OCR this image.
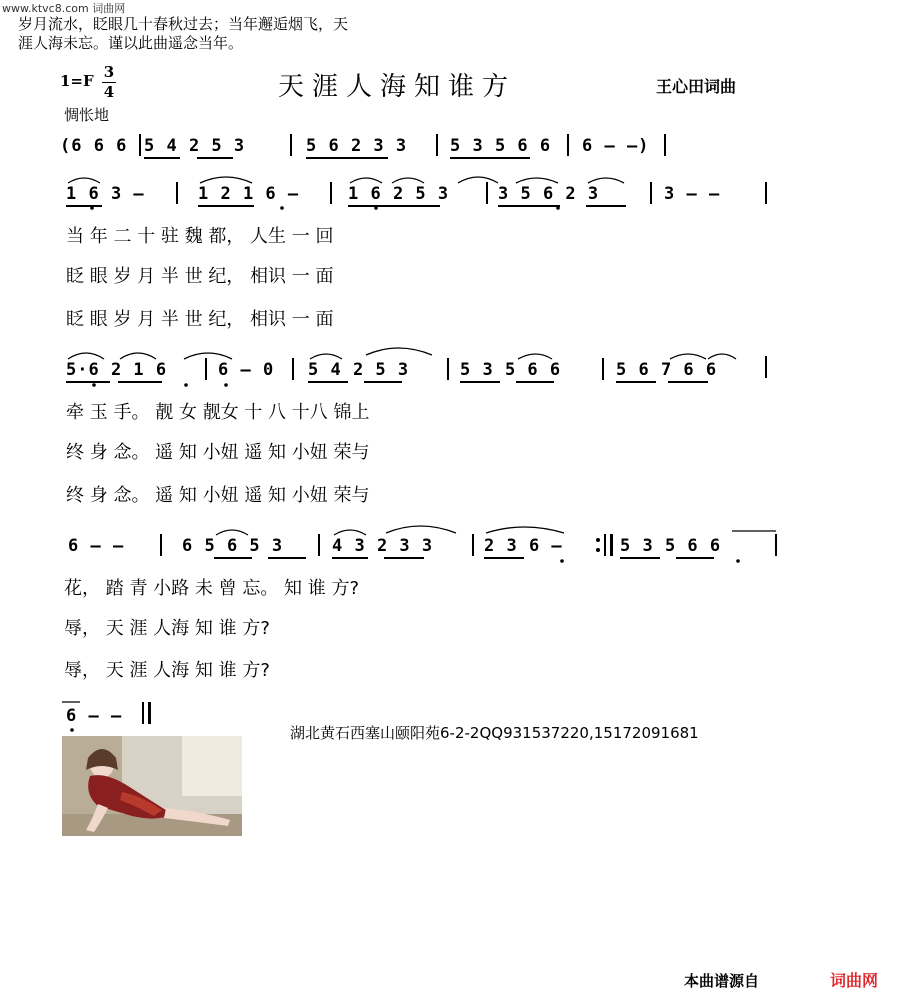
www.ktvc8.com 词曲网
岁月流水，眨眼几十春秋过去；当年邂逅烟飞，天
涯人海未忘。谨以此曲遥念当年。
1=F 3
4
惆怅地
天涯人海知谁方	王心田词曲
(6 6 6 5 4 2 5 3	5 6 2 3 3	5 3 5 6 6 6 – –)
1 6 3 –	1 2 1 6 –	1 6 2 5 3	3 5 6 2 3	3 — –
当 年 二 十 驻 魏 都， 人生 一 回
眨 眼 岁 月 半 世 纪， 相识 一 面
眨 眼 岁 月 半 世 纪， 相识 一 面
5·6 2 1 6	6 – 0 5 4 2 5 3	5 3 5 6 6	5 6 7 6 6
牵 玉 手。 靓 女 靓女 十 八 十八 锦上
终 身 念。 遥 知 小妞 遥 知 小妞 荣与
终 身 念。 遥 知 小妞 遥 知 小妞 荣与
6 – –	6 5 6 5 3	4 3 2 3 3	2 3 6 –	5 3 5 6 6
花， 踏 青 小路 未 曾 忘。 知 谁 方?
辱， 天 涯 人海 知 谁 方?
辱， 天 涯 人海 知 谁 方?
6 – –
湖北黄石西塞山颐阳苑6-2-2QQ931537220,15172091681
本曲谱源自	词曲网
